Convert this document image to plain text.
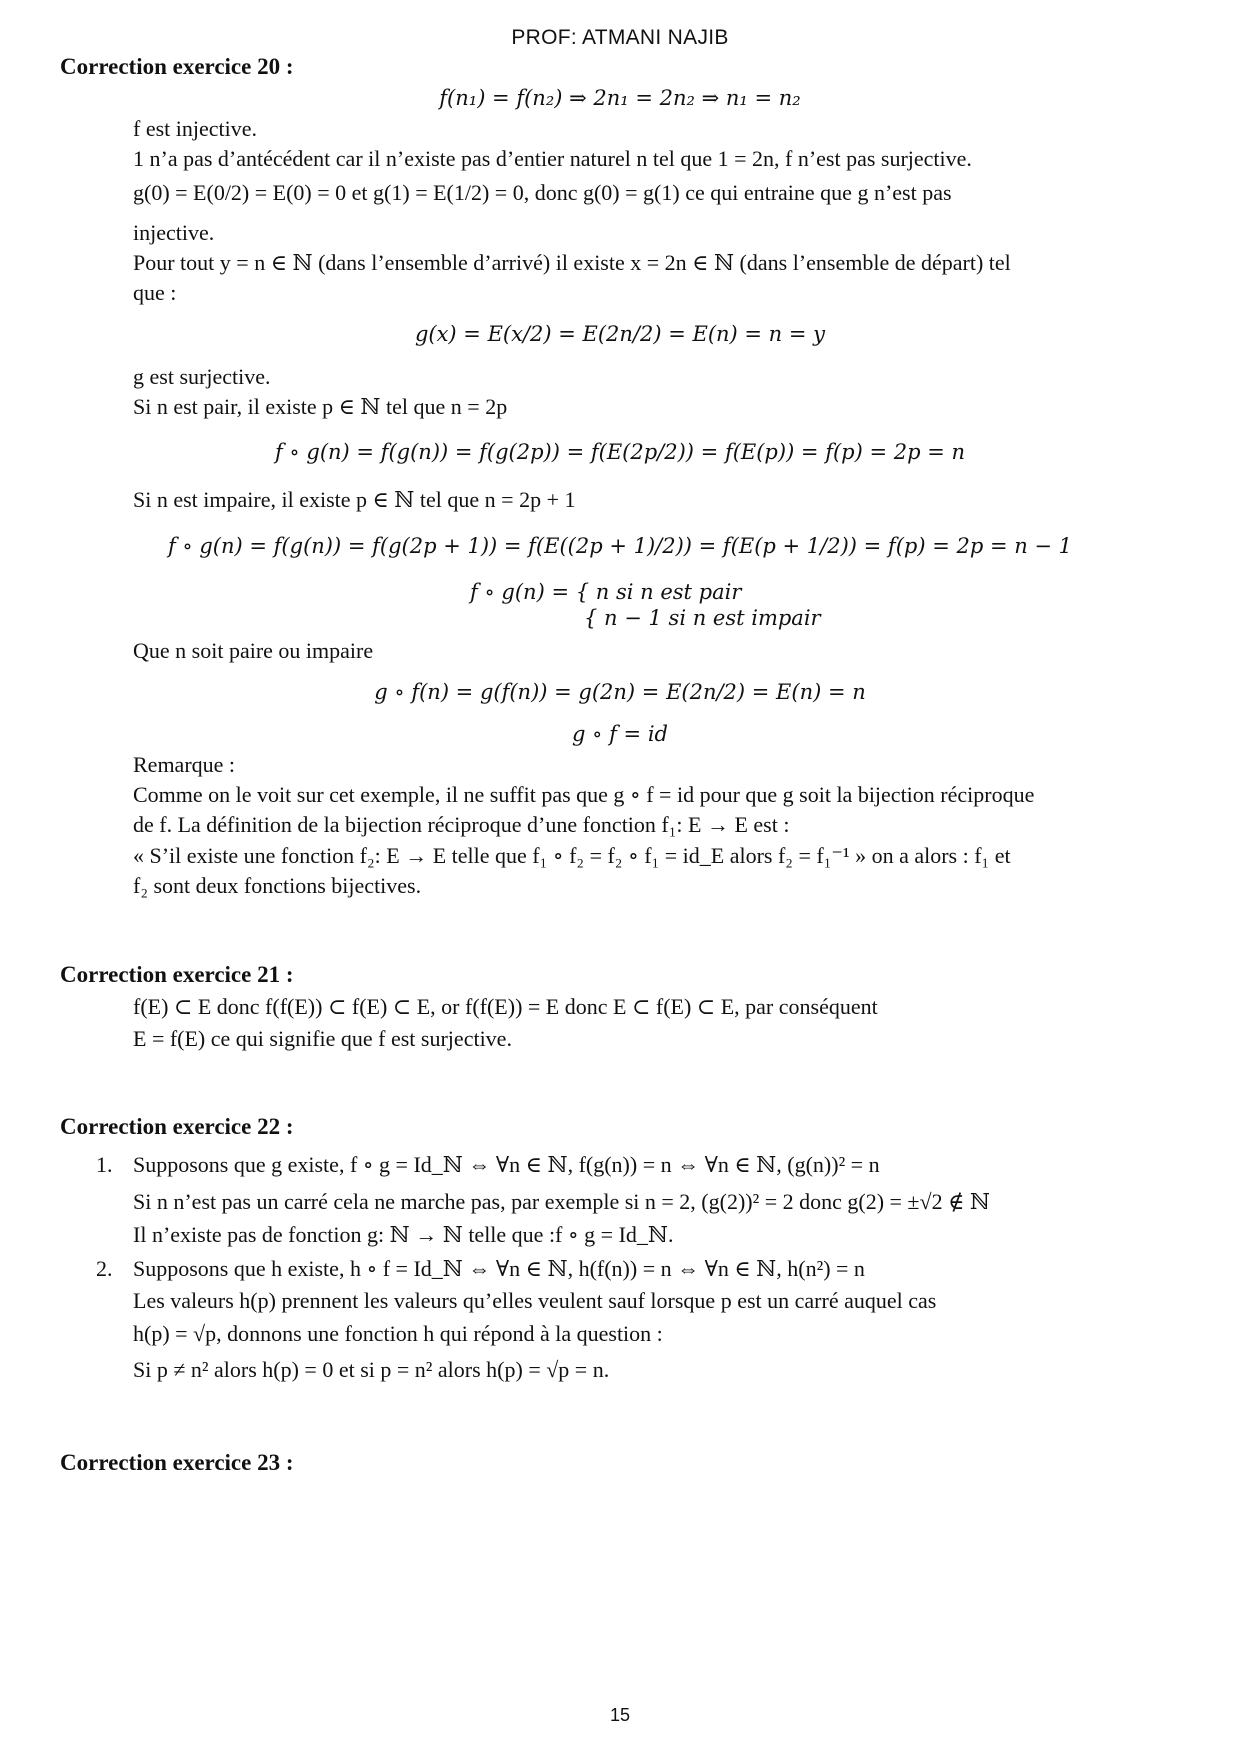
PROF: ATMANI NAJIB
Correction exercice 20 :
f(n₁) = f(n₂) ⇒ 2n₁ = 2n₂ ⇒ n₁ = n₂
f est injective.
1 n’a pas d’antécédent car il n’existe pas d’entier naturel n tel que 1 = 2n, f n’est pas surjective.
g(0) = E(0/2) = E(0) = 0 et g(1) = E(1/2) = 0, donc g(0) = g(1) ce qui entraine que g n’est pas
injective.
Pour tout y = n ∈ ℕ (dans l’ensemble d’arrivé) il existe x = 2n ∈ ℕ (dans l’ensemble de départ) tel
que :
g(x) = E(x/2) = E(2n/2) = E(n) = n = y
g est surjective.
Si n est pair, il existe p ∈ ℕ tel que n = 2p
f ∘ g(n) = f(g(n)) = f(g(2p)) = f(E(2p/2)) = f(E(p)) = f(p) = 2p = n
Si n est impaire, il existe p ∈ ℕ tel que n = 2p + 1
f ∘ g(n) = f(g(n)) = f(g(2p + 1)) = f(E((2p + 1)/2)) = f(E(p + 1/2)) = f(p) = 2p = n − 1
f ∘ g(n) = { n si n est pair
{ n − 1 si n est impair
Que n soit paire ou impaire
g ∘ f(n) = g(f(n)) = g(2n) = E(2n/2) = E(n) = n
g ∘ f = id
Remarque :
Comme on le voit sur cet exemple, il ne suffit pas que g ∘ f = id pour que g soit la bijection réciproque
de f. La définition de la bijection réciproque d’une fonction f₁: E → E est :
« S’il existe une fonction f₂: E → E telle que f₁ ∘ f₂ = f₂ ∘ f₁ = id_E alors f₂ = f₁⁻¹ » on a alors : f₁ et
f₂ sont deux fonctions bijectives.
Correction exercice 21 :
f(E) ⊂ E donc f(f(E)) ⊂ f(E) ⊂ E, or f(f(E)) = E donc E ⊂ f(E) ⊂ E, par conséquent
E = f(E) ce qui signifie que f est surjective.
Correction exercice 22 :
1. Supposons que g existe, f ∘ g = Id_ℕ ⇔ ∀n ∈ ℕ, f(g(n)) = n ⇔ ∀n ∈ ℕ, (g(n))² = n
Si n n’est pas un carré cela ne marche pas, par exemple si n = 2, (g(2))² = 2 donc g(2) = ±√2 ∉ ℕ
Il n’existe pas de fonction g: ℕ → ℕ telle que :f ∘ g = Id_ℕ.
2. Supposons que h existe, h ∘ f = Id_ℕ ⇔ ∀n ∈ ℕ, h(f(n)) = n ⇔ ∀n ∈ ℕ, h(n²) = n
Les valeurs h(p) prennent les valeurs qu’elles veulent sauf lorsque p est un carré auquel cas
h(p) = √p, donnons une fonction h qui répond à la question :
Si p ≠ n² alors h(p) = 0 et si p = n² alors h(p) = √p = n.
Correction exercice 23 :
15
